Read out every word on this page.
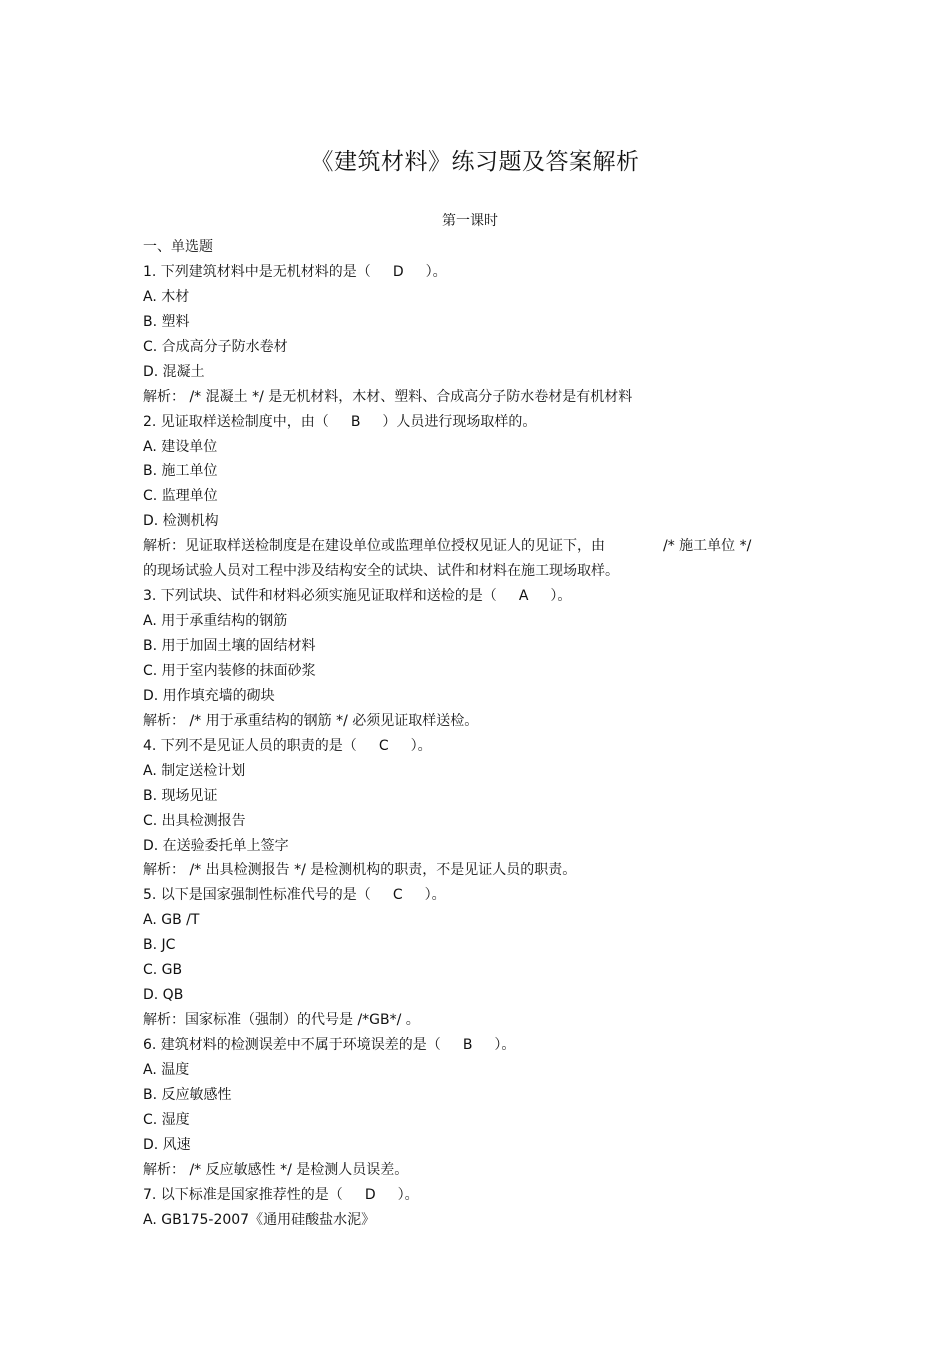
《建筑材料》练习题及答案解析
第一课时
一、单选题
1. 下列建筑材料中是无机材料的是（ D ）。
A. 木材
B. 塑料
C. 合成高分子防水卷材
D. 混凝土
解析： /* 混凝土 */ 是无机材料，木材、塑料、合成高分子防水卷材是有机材料
2. 见证取样送检制度中，由（ B ）人员进行现场取样的。
A. 建设单位
B. 施工单位
C. 监理单位
D. 检测机构
解析：见证取样送检制度是在建设单位或监理单位授权见证人的见证下，由	/* 施工单位 */
的现场试验人员对工程中涉及结构安全的试块、试件和材料在施工现场取样。
3. 下列试块、试件和材料必须实施见证取样和送检的是（ A ）。
A. 用于承重结构的钢筋
B. 用于加固土壤的固结材料
C. 用于室内装修的抹面砂浆
D. 用作填充墙的砌块
解析： /* 用于承重结构的钢筋 */ 必须见证取样送检。
4. 下列不是见证人员的职责的是（ C ）。
A. 制定送检计划
B. 现场见证
C. 出具检测报告
D. 在送验委托单上签字
解析： /* 出具检测报告 */ 是检测机构的职责，不是见证人员的职责。
5. 以下是国家强制性标准代号的是（ C ）。
A. GB /T
B. JC
C. GB
D. QB
解析：国家标准（强制）的代号是 /*GB*/ 。
6. 建筑材料的检测误差中不属于环境误差的是（ B ）。
A. 温度
B. 反应敏感性
C. 湿度
D. 风速
解析： /* 反应敏感性 */ 是检测人员误差。
7. 以下标准是国家推荐性的是（ D ）。
A. GB175-2007《通用硅酸盐水泥》
